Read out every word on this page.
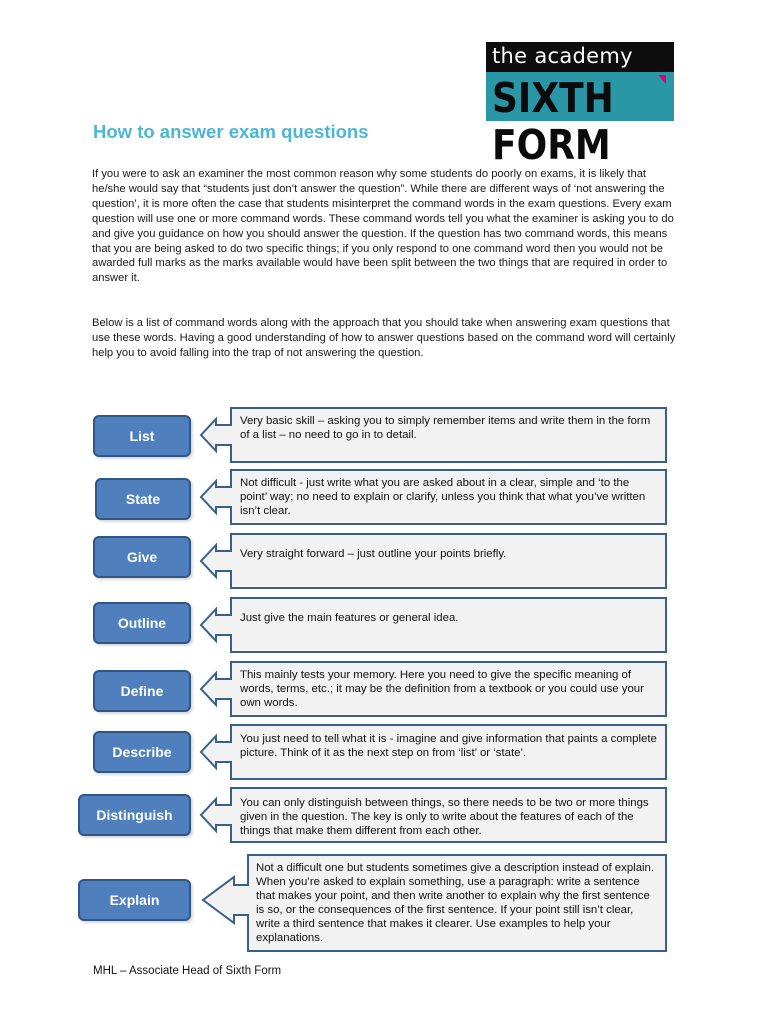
the academy
SIXTH FORM
How to answer exam questions

If you were to ask an examiner the most common reason why some students do poorly on exams, it is likely that he/she would say that “students just don’t answer the question”. While there are different ways of ‘not answering the question’, it is more often the case that students misinterpret the command words in the exam questions. Every exam question will use one or more command words. These command words tell you what the examiner is asking you to do and give you guidance on how you should answer the question. If the question has two command words, this means that you are being asked to do two specific things; if you only respond to one command word then you would not be awarded full marks as the marks available would have been split between the two things that are required in order to answer it.

Below is a list of command words along with the approach that you should take when answering exam questions that use these words. Having a good understanding of how to answer questions based on the command word will certainly help you to avoid falling into the trap of not answering the question.

List
State
Give
Outline
Define
Describe
Distinguish
Explain

Very basic skill – asking you to simply remember items and write them in the form of a list – no need to go in to detail.

Not difficult - just write what you are asked about in a clear, simple and ‘to the point’ way; no need to explain or clarify, unless you think that what you’ve written isn’t clear.

Very straight forward – just outline your points briefly.

Just give the main features or general idea.

This mainly tests your memory. Here you need to give the specific meaning of words, terms, etc.; it may be the definition from a textbook or you could use your own words.

You just need to tell what it is - imagine and give information that paints a complete picture. Think of it as the next step on from ‘list’ or ‘state’.

You can only distinguish between things, so there needs to be two or more things given in the question. The key is only to write about the features of each of the things that make them different from each other.

Not a difficult one but students sometimes give a description instead of explain. When you’re asked to explain something, use a paragraph: write a sentence that makes your point, and then write another to explain why the first sentence is so, or the consequences of the first sentence. If your point still isn’t clear, write a third sentence that makes it clearer. Use examples to help your explanations.

MHL – Associate Head of Sixth Form
